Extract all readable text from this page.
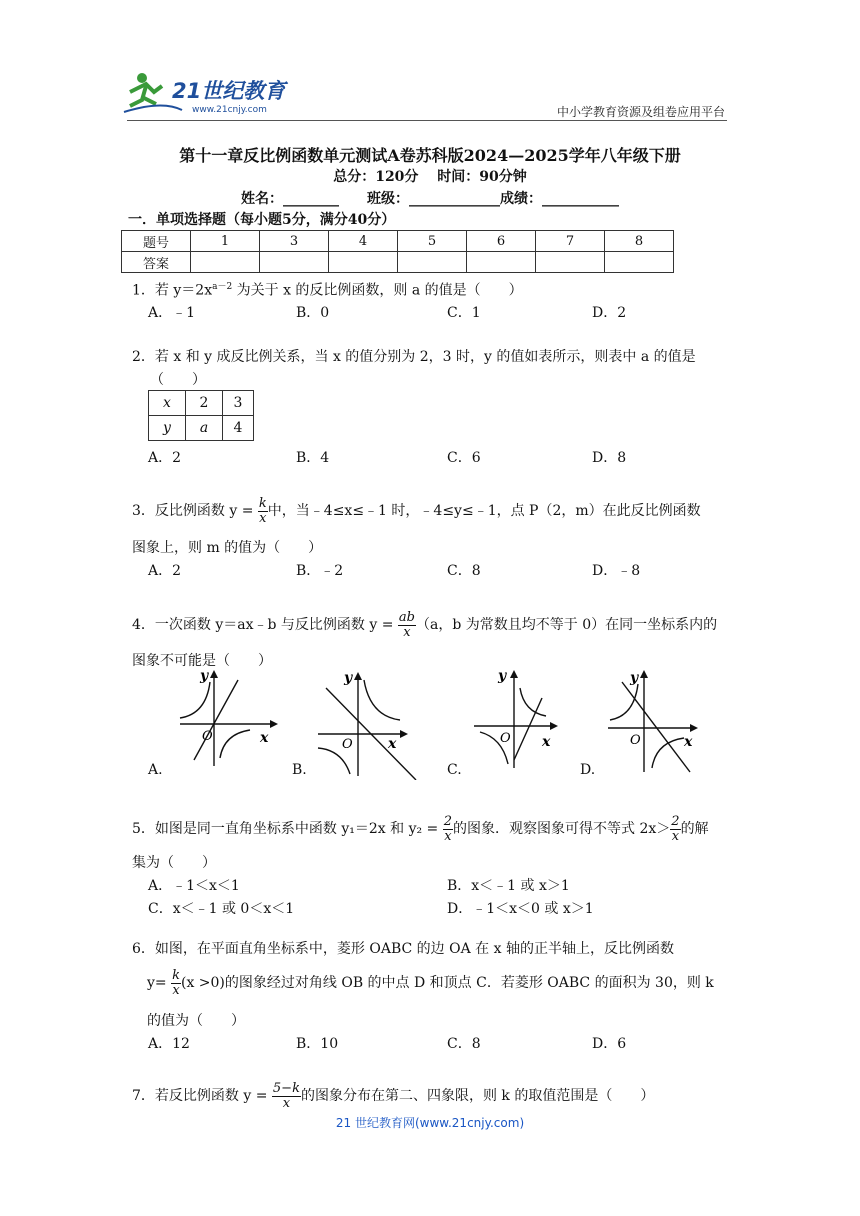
21世纪教育
www.21cnjy.com	中小学教育资源及组卷应用平台
第十一章反比例函数单元测试A卷苏科版2024—2025学年八年级下册
总分：120分　 时间：90分钟
姓名：________　　班级：_____________成绩：___________
一．单项选择题（每小题5分，满分40分）
题号	1	3	4	5	6	7	8
答案							
1．若 $y=2x^{a-2}$ 为关于 x 的反比例函数，则 a 的值是（　　）
A．﹣1	B．0	C．1	D．2
2．若 x 和 y 成反比例关系，当 x 的值分别为 2，3 时，y 的值如表所示，则表中 a 的值是
（　　）
x	2	3
y	a	4
A．2	B．4	C．6	D．8
3．反比例函数 $y = \frac{k}{x}$ 中，当﹣4≤x≤﹣1 时，﹣4≤y≤﹣1，点 P（2，m）在此反比例函数
图象上，则 m 的值为（　　）
A．2	B．﹣2	C．8	D．﹣8
4．一次函数 y＝ax﹣b 与反比例函数 $y = \frac{ab}{x} (a$，b 为常数且均不等于 0）在同一坐标系内的
图象不可能是（　　）
y
x
O
y
x
O
y
x
O
y
x
O
A.	B.	C.	D.
5．如图是同一直角坐标系中函数 y₁＝2x 和 $y_2 = \frac{2}{x}$ 的图象．观察图象可得不等式 $2x> \frac{2}{x}$ 的解
集为（　　）
A．﹣1＜x＜1	B．x＜﹣1 或 x＞1
C．x＜﹣1 或 0＜x＜1	D．﹣1＜x＜0 或 x＞1
6．如图，在平面直角坐标系中，菱形 OABC 的边 OA 在 x 轴的正半轴上，反比例函数
$y= \frac{k}{x} (x >0)$的图象经过对角线 OB 的中点 D 和顶点 C．若菱形 OABC 的面积为 30，则 k
的值为（　　）
A．12	B．10	C．8	D．6
7．若反比例函数 $y = \frac{5-k}{x}$ 的图象分布在第二、四象限，则 k 的取值范围是（　　）
21 世纪教育网(www.21cnjy.com)
